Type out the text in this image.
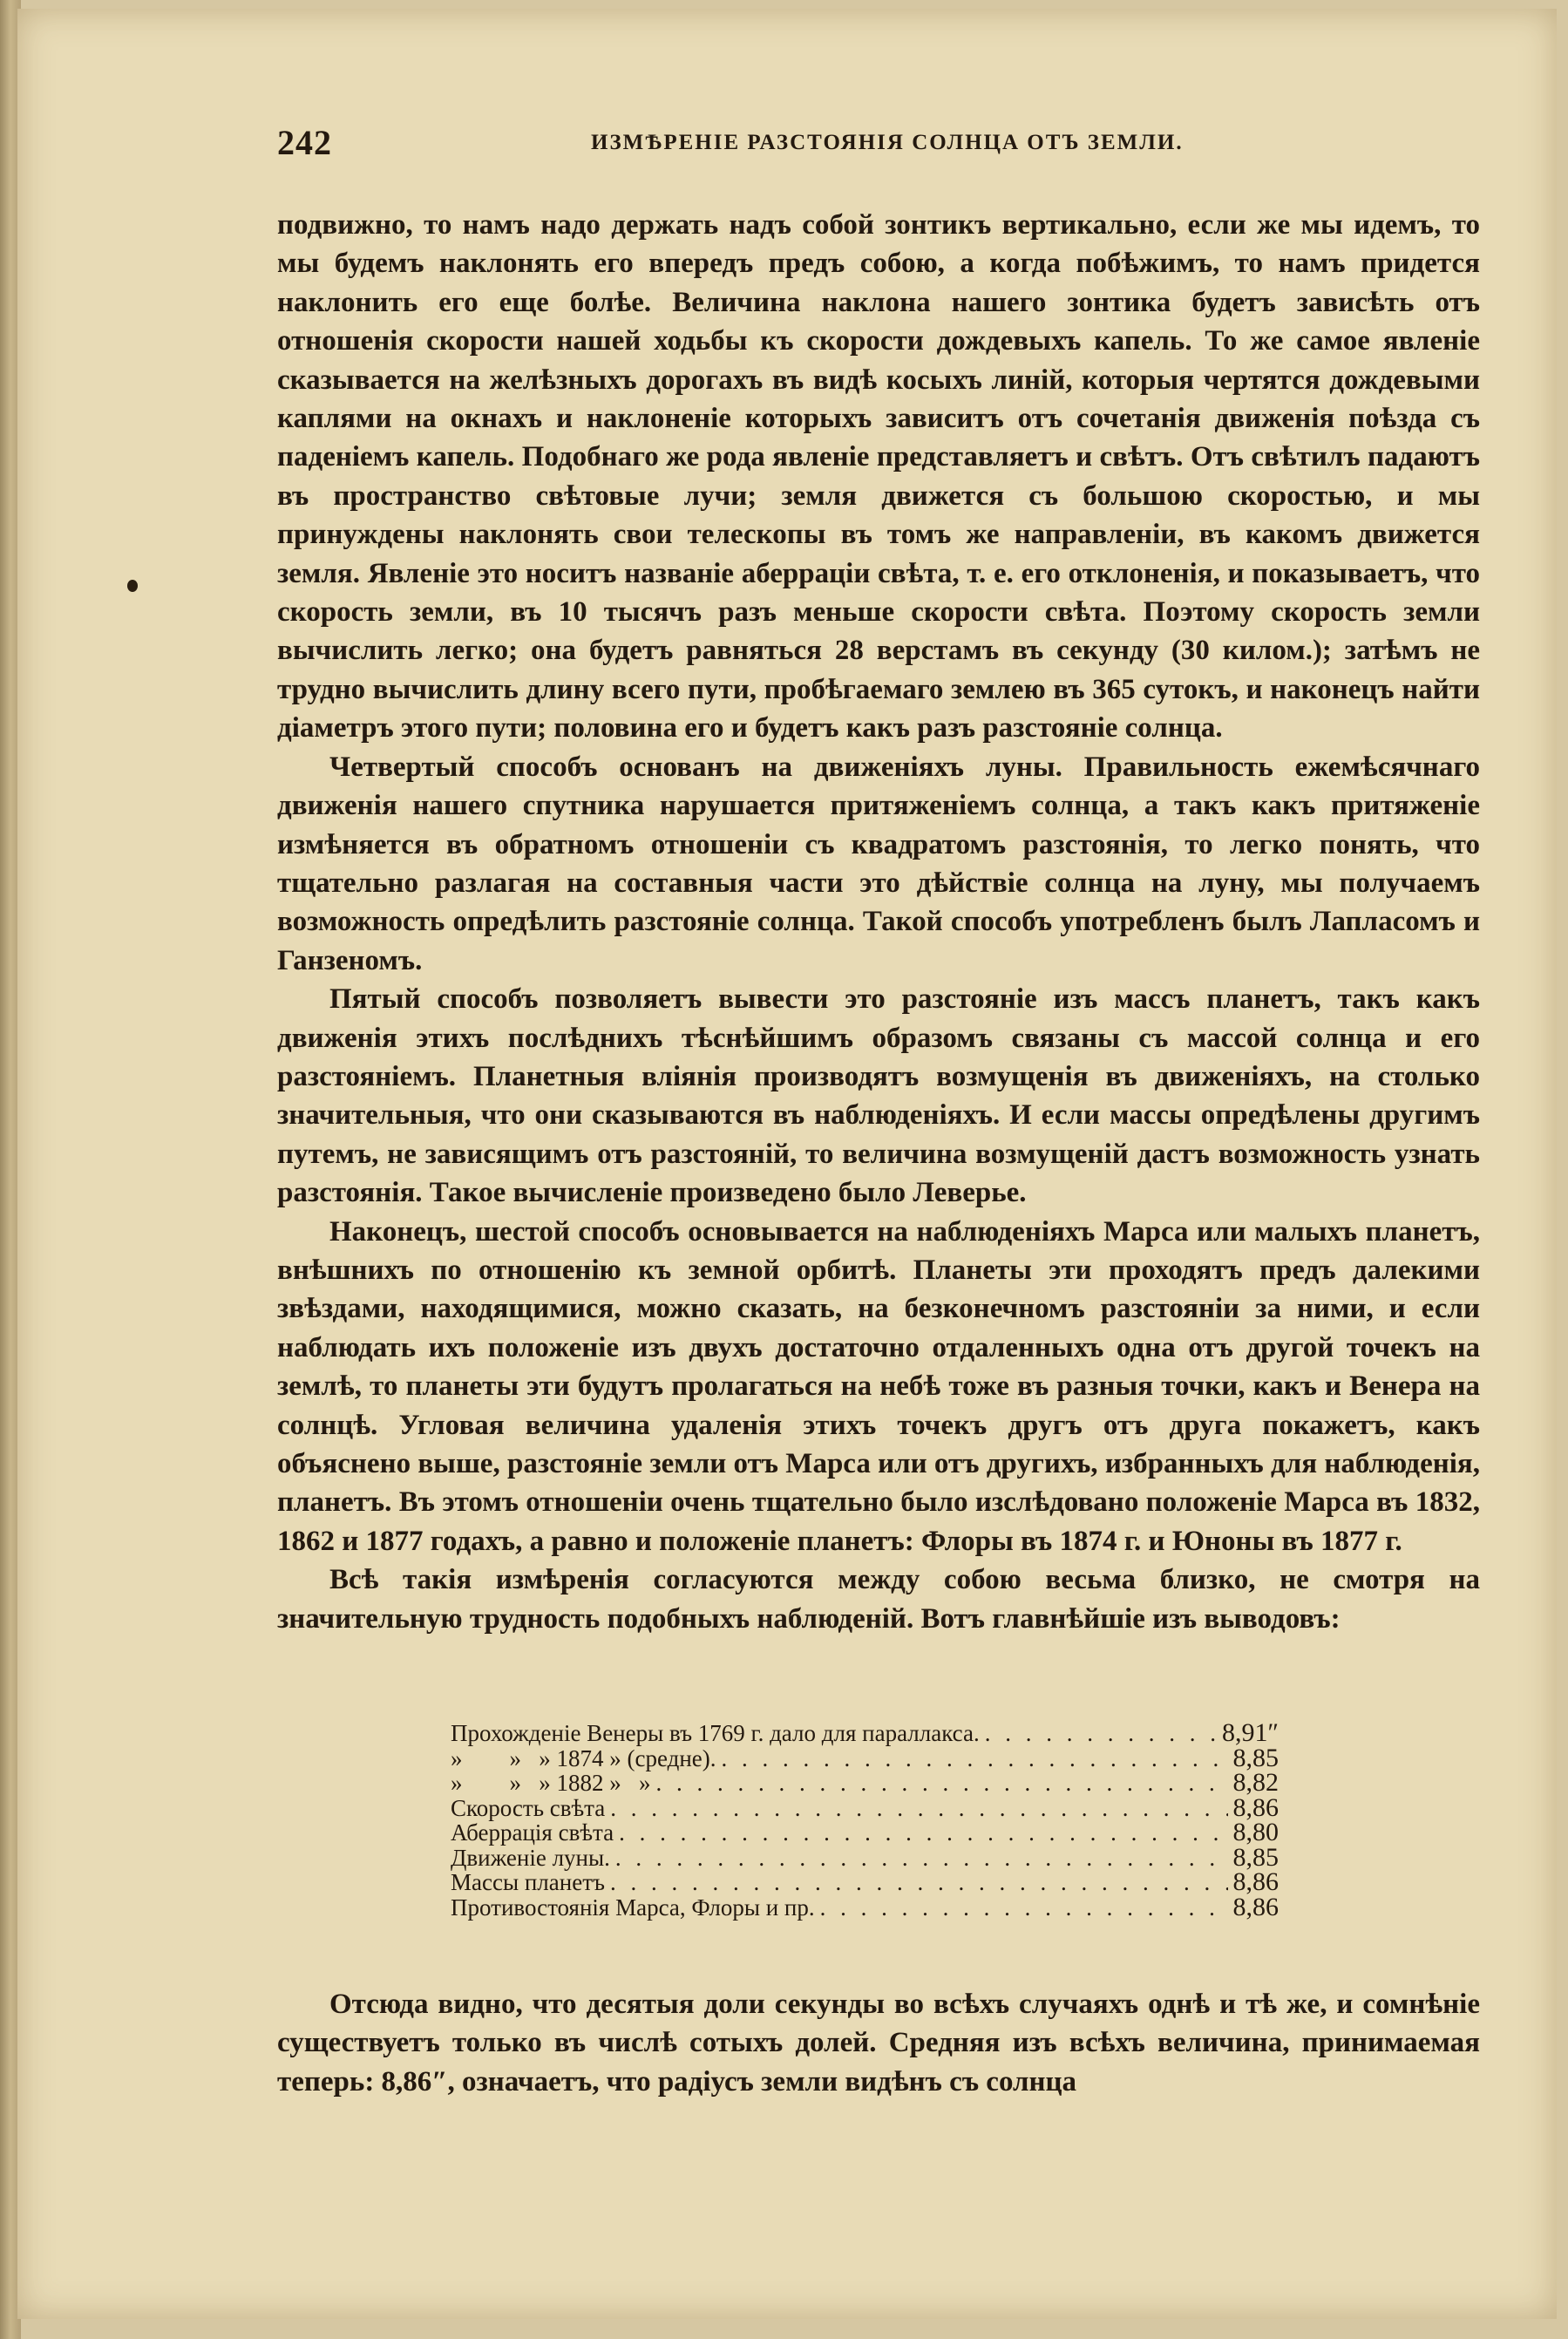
242	ИЗМѢРЕНІЕ РАЗСТОЯНІЯ СОЛНЦА ОТЪ ЗЕМЛИ.

подвижно, то намъ надо держать надъ собой зонтикъ вертикально, если же мы идемъ, то мы будемъ наклонять его впередъ предъ собою, а когда побѣжимъ, то намъ придется наклонить его еще болѣе. Величина наклона нашего зонтика будетъ зависѣть отъ отношенія скорости нашей ходьбы къ скорости дождевыхъ капель. То же самое явленіе сказывается на желѣзныхъ дорогахъ въ видѣ косыхъ линій, которыя чертятся дождевыми каплями на окнахъ и наклоненіе которыхъ зависитъ отъ сочетанія движенія поѣзда съ паденіемъ капель. Подобнаго же рода явленіе представляетъ и свѣтъ. Отъ свѣтилъ падаютъ въ пространство свѣтовые лучи; земля движется съ большою скоростью, и мы принуждены наклонять свои телескопы въ томъ же направленіи, въ какомъ движется земля. Явленіе это носитъ названіе аберраціи свѣта, т. е. его отклоненія, и показываетъ, что скорость земли, въ 10 тысячъ разъ меньше скорости свѣта. Поэтому скорость земли вычислить легко; она будетъ равняться 28 верстамъ въ секунду (30 килом.); затѣмъ не трудно вычислить длину всего пути, пробѣгаемаго землею въ 365 сутокъ, и наконецъ найти діаметръ этого пути; половина его и будетъ какъ разъ разстояніе солнца.

Четвертый способъ основанъ на движеніяхъ луны. Правильность ежемѣсячнаго движенія нашего спутника нарушается притяженіемъ солнца, а такъ какъ притяженіе измѣняется въ обратномъ отношеніи съ квадратомъ разстоянія, то легко понять, что тщательно разлагая на составныя части это дѣйствіе солнца на луну, мы получаемъ возможность опредѣлить разстояніе солнца. Такой способъ употребленъ былъ Лапласомъ и Ганзеномъ.

Пятый способъ позволяетъ вывести это разстояніе изъ массъ планетъ, такъ какъ движенія этихъ послѣднихъ тѣснѣйшимъ образомъ связаны съ массой солнца и его разстояніемъ. Планетныя вліянія производятъ возмущенія въ движеніяхъ, на столько значительныя, что они сказываются въ наблюденіяхъ. И если массы опредѣлены другимъ путемъ, не зависящимъ отъ разстояній, то величина возмущеній дастъ возможность узнать разстоянія. Такое вычисленіе произведено было Леверье.

Наконецъ, шестой способъ основывается на наблюденіяхъ Марса или малыхъ планетъ, внѣшнихъ по отношенію къ земной орбитѣ. Планеты эти проходятъ предъ далекими звѣздами, находящимися, можно сказать, на безконечномъ разстояніи за ними, и если наблюдать ихъ положеніе изъ двухъ достаточно отдаленныхъ одна отъ другой точекъ на землѣ, то планеты эти будутъ пролагаться на небѣ тоже въ разныя точки, какъ и Венера на солнцѣ. Угловая величина удаленія этихъ точекъ другъ отъ друга покажетъ, какъ объяснено выше, разстояніе земли отъ Марса или отъ другихъ, избранныхъ для наблюденія, планетъ. Въ этомъ отношеніи очень тщательно было изслѣдовано положеніе Марса въ 1832, 1862 и 1877 годахъ, а равно и положеніе планетъ: Флоры въ 1874 г. и Юноны въ 1877 г.

Всѣ такія измѣренія согласуются между собою весьма близко, не смотря на значительную трудность подобныхъ наблюденій. Вотъ главнѣйшіе изъ выводовъ:

Прохожденіе Венеры въ 1769 г. дало для параллакса. . . .	8,91″
»        »   » 1874 » (средне). . . .	8,85
»        »   » 1882 »   » . . .	8,82
Скорость свѣта . . .	8,86
Аберрація свѣта . . .	8,80
Движеніе луны. . . .	8,85
Массы планетъ . . .	8,86
Противостоянія Марса, Флоры и пр. . . .	8,86

Отсюда видно, что десятыя доли секунды во всѣхъ случаяхъ однѣ и тѣ же, и сомнѣніе существуетъ только въ числѣ сотыхъ долей. Средняя изъ всѣхъ величина, принимаемая теперь: 8,86″, означаетъ, что радіусъ земли видѣнъ съ солнца
